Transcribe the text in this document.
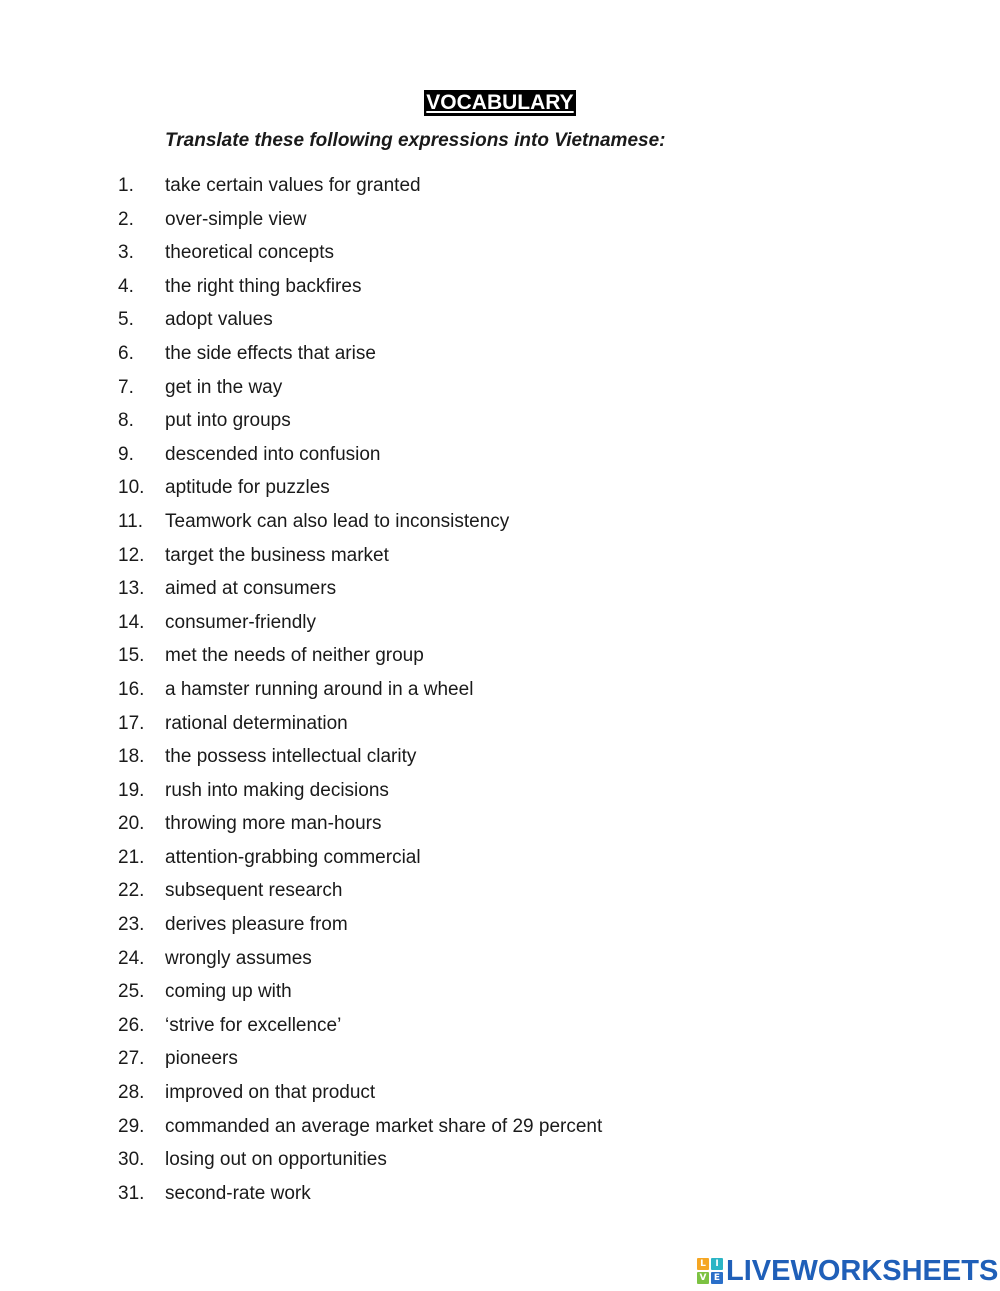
VOCABULARY
Translate these following expressions into Vietnamese:
1. take certain values for granted
2. over-simple view
3. theoretical concepts
4. the right thing backfires
5. adopt values
6. the side effects that arise
7. get in the way
8. put into groups
9. descended into confusion
10. aptitude for puzzles
11. Teamwork can also lead to inconsistency
12. target the business market
13. aimed at consumers
14. consumer-friendly
15. met the needs of neither group
16. a hamster running around in a wheel
17. rational determination
18. the possess intellectual clarity
19. rush into making decisions
20. throwing more man-hours
21. attention-grabbing commercial
22. subsequent research
23. derives pleasure from
24. wrongly assumes
25. coming up with
26. ‘strive for excellence’
27. pioneers
28. improved on that product
29. commanded an average market share of 29 percent
30. losing out on opportunities
31. second-rate work
L	I
V E LIVEWORKSHEETS
